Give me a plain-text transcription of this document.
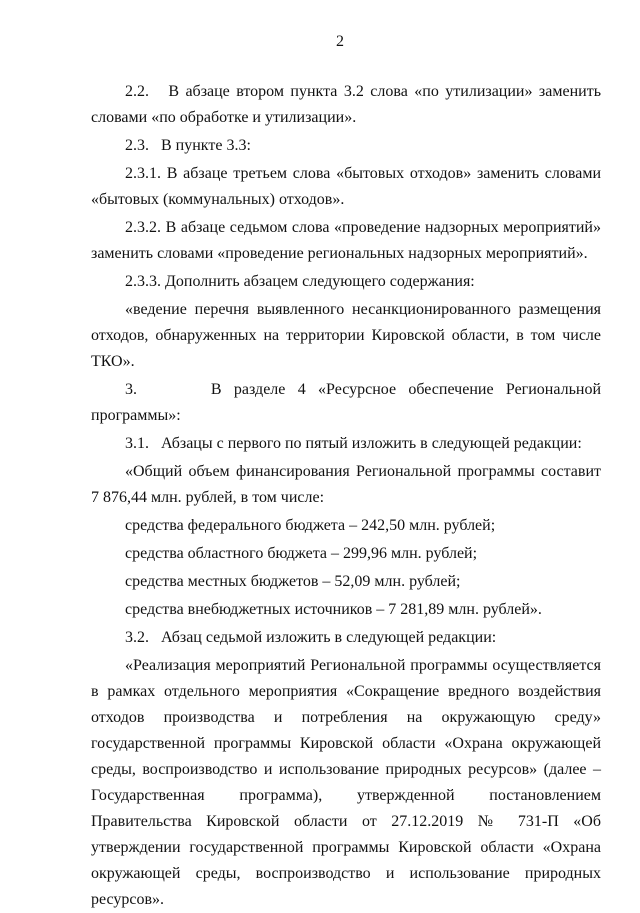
2

2.2.   В абзаце втором пункта 3.2 слова «по утилизации» заменить словами «по обработке и утилизации».

2.3.   В пункте 3.3:

2.3.1. В абзаце третьем слова «бытовых отходов» заменить словами «бытовых (коммунальных) отходов».

2.3.2. В абзаце седьмом слова «проведение надзорных мероприятий» заменить словами «проведение региональных надзорных мероприятий».

2.3.3. Дополнить абзацем следующего содержания:

«ведение перечня выявленного несанкционированного размещения отходов, обнаруженных на территории Кировской области, в том числе ТКО».

3.      В разделе 4 «Ресурсное обеспечение Региональной программы»:

3.1.   Абзацы с первого по пятый изложить в следующей редакции:

«Общий объем финансирования Региональной программы составит 7 876,44 млн. рублей, в том числе:

средства федерального бюджета – 242,50 млн. рублей;

средства областного бюджета – 299,96 млн. рублей;

средства местных бюджетов – 52,09 млн. рублей;

средства внебюджетных источников – 7 281,89 млн. рублей».

3.2.   Абзац седьмой изложить в следующей редакции:

«Реализация мероприятий Региональной программы осуществляется в рамках отдельного мероприятия «Сокращение вредного воздействия отходов производства и потребления на окружающую среду» государственной программы Кировской области «Охрана окружающей среды, воспроизводство и использование природных ресурсов» (далее – Государственная программа), утвержденной постановлением Правительства Кировской области от 27.12.2019 № 731-П «Об утверждении государственной программы Кировской области «Охрана окружающей среды, воспроизводство и использование природных ресурсов».
